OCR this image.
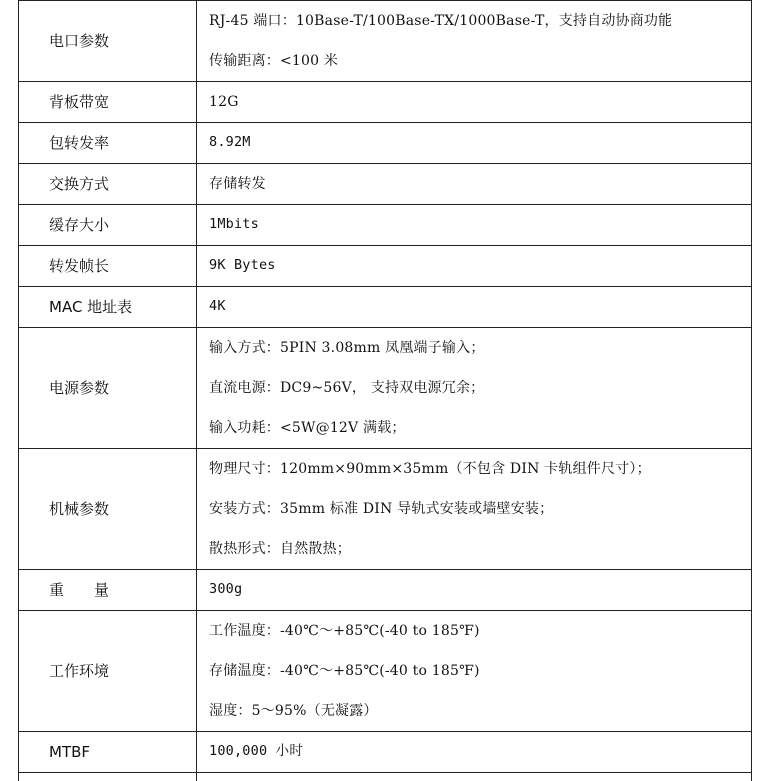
电口参数	RJ-45 端口：10Base-T/100Base-TX/1000Base-T，支持自动协商功能
传输距离：<100 米

背板带宽	12G

包转发率	8.92M

交换方式	存储转发

缓存大小	1Mbits

转发帧长	9K Bytes

MAC 地址表	4K

电源参数	输入方式：5PIN 3.08mm 凤凰端子输入；
直流电源：DC9~56V， 支持双电源冗余；
输入功耗：<5W@12V 满载；

机械参数	物理尺寸：120mm×90mm×35mm（不包含 DIN 卡轨组件尺寸）；
安装方式：35mm 标准 DIN 导轨式安装或墙壁安装；
散热形式：自然散热；

重　　量	300g

工作环境	工作温度：-40℃～+85℃(-40 to 185℉)
存储温度：-40℃～+85℃(-40 to 185℉)
湿度：5～95%（无凝露）

MTBF	100,000 小时
